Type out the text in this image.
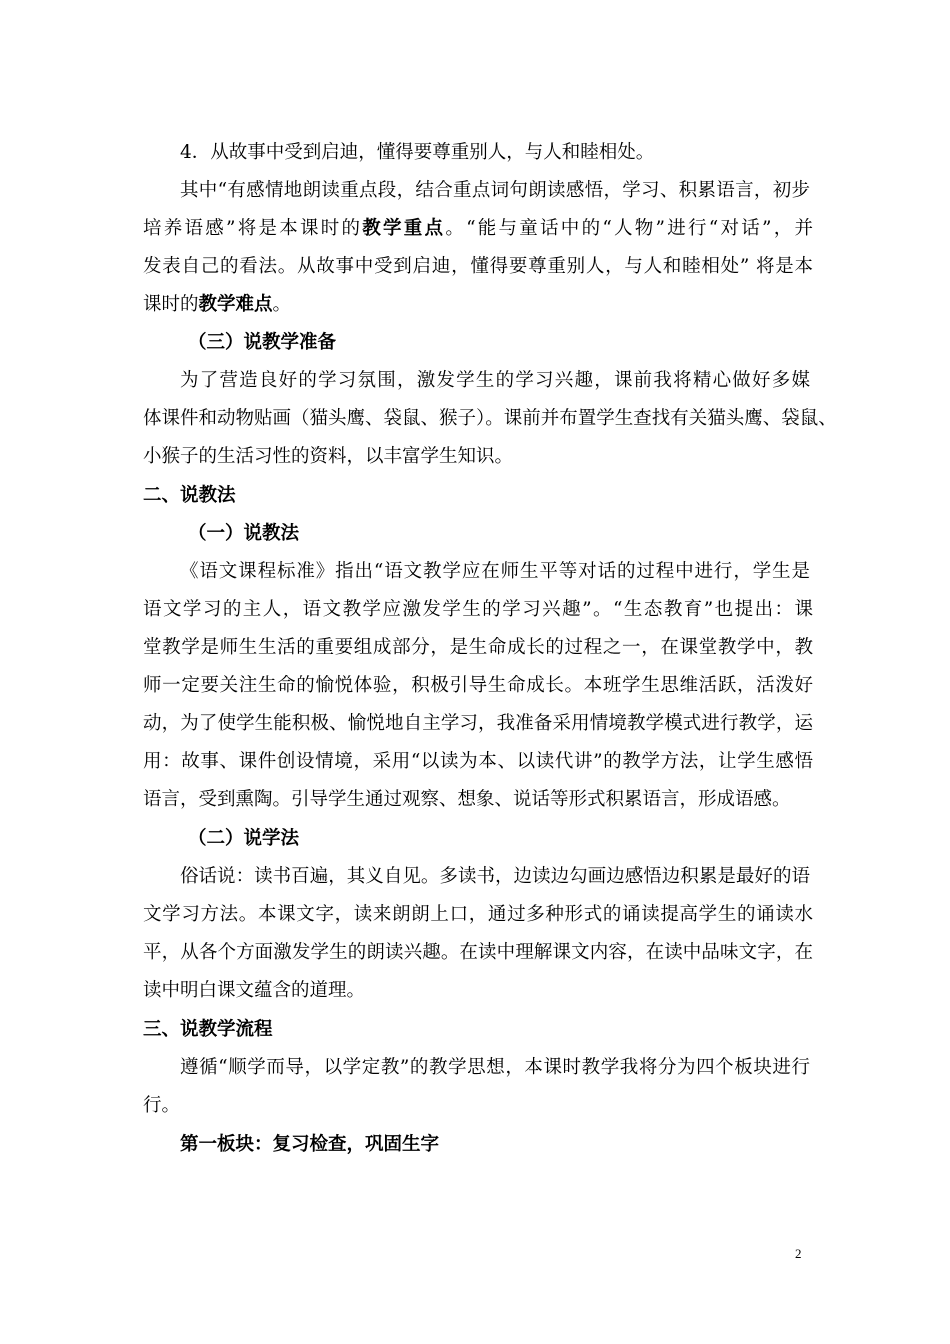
4．从故事中受到启迪，懂得要尊重别人，与人和睦相处。
其中“有感情地朗读重点段，结合重点词句朗读感悟，学习、积累语言，初步
培养语感”将是本课时的教学重点。“能与童话中的“人物”进行“对话”，并
发表自己的看法。从故事中受到启迪，懂得要尊重别人，与人和睦相处” 将是本
课时的教学难点。
（三）说教学准备
为了营造良好的学习氛围，激发学生的学习兴趣，课前我将精心做好多媒
体课件和动物贴画（猫头鹰、袋鼠、猴子）。课前并布置学生查找有关猫头鹰、袋鼠、
小猴子的生活习性的资料，以丰富学生知识。
二、说教法
（一）说教法
《语文课程标准》指出“语文教学应在师生平等对话的过程中进行，学生是
语文学习的主人，语文教学应激发学生的学习兴趣”。“生态教育”也提出：课
堂教学是师生生活的重要组成部分，是生命成长的过程之一，在课堂教学中，教
师一定要关注生命的愉悦体验，积极引导生命成长。本班学生思维活跃，活泼好
动，为了使学生能积极、愉悦地自主学习，我准备采用情境教学模式进行教学，运
用：故事、课件创设情境，采用“以读为本、以读代讲”的教学方法，让学生感悟
语言，受到熏陶。引导学生通过观察、想象、说话等形式积累语言，形成语感。
（二）说学法
俗话说：读书百遍，其义自见。多读书，边读边勾画边感悟边积累是最好的语
文学习方法。本课文字，读来朗朗上口，通过多种形式的诵读提高学生的诵读水
平，从各个方面激发学生的朗读兴趣。在读中理解课文内容，在读中品味文字，在
读中明白课文蕴含的道理。
三、说教学流程
遵循“顺学而导，以学定教”的教学思想，本课时教学我将分为四个板块进行
行。
第一板块：复习检查，巩固生字
2
